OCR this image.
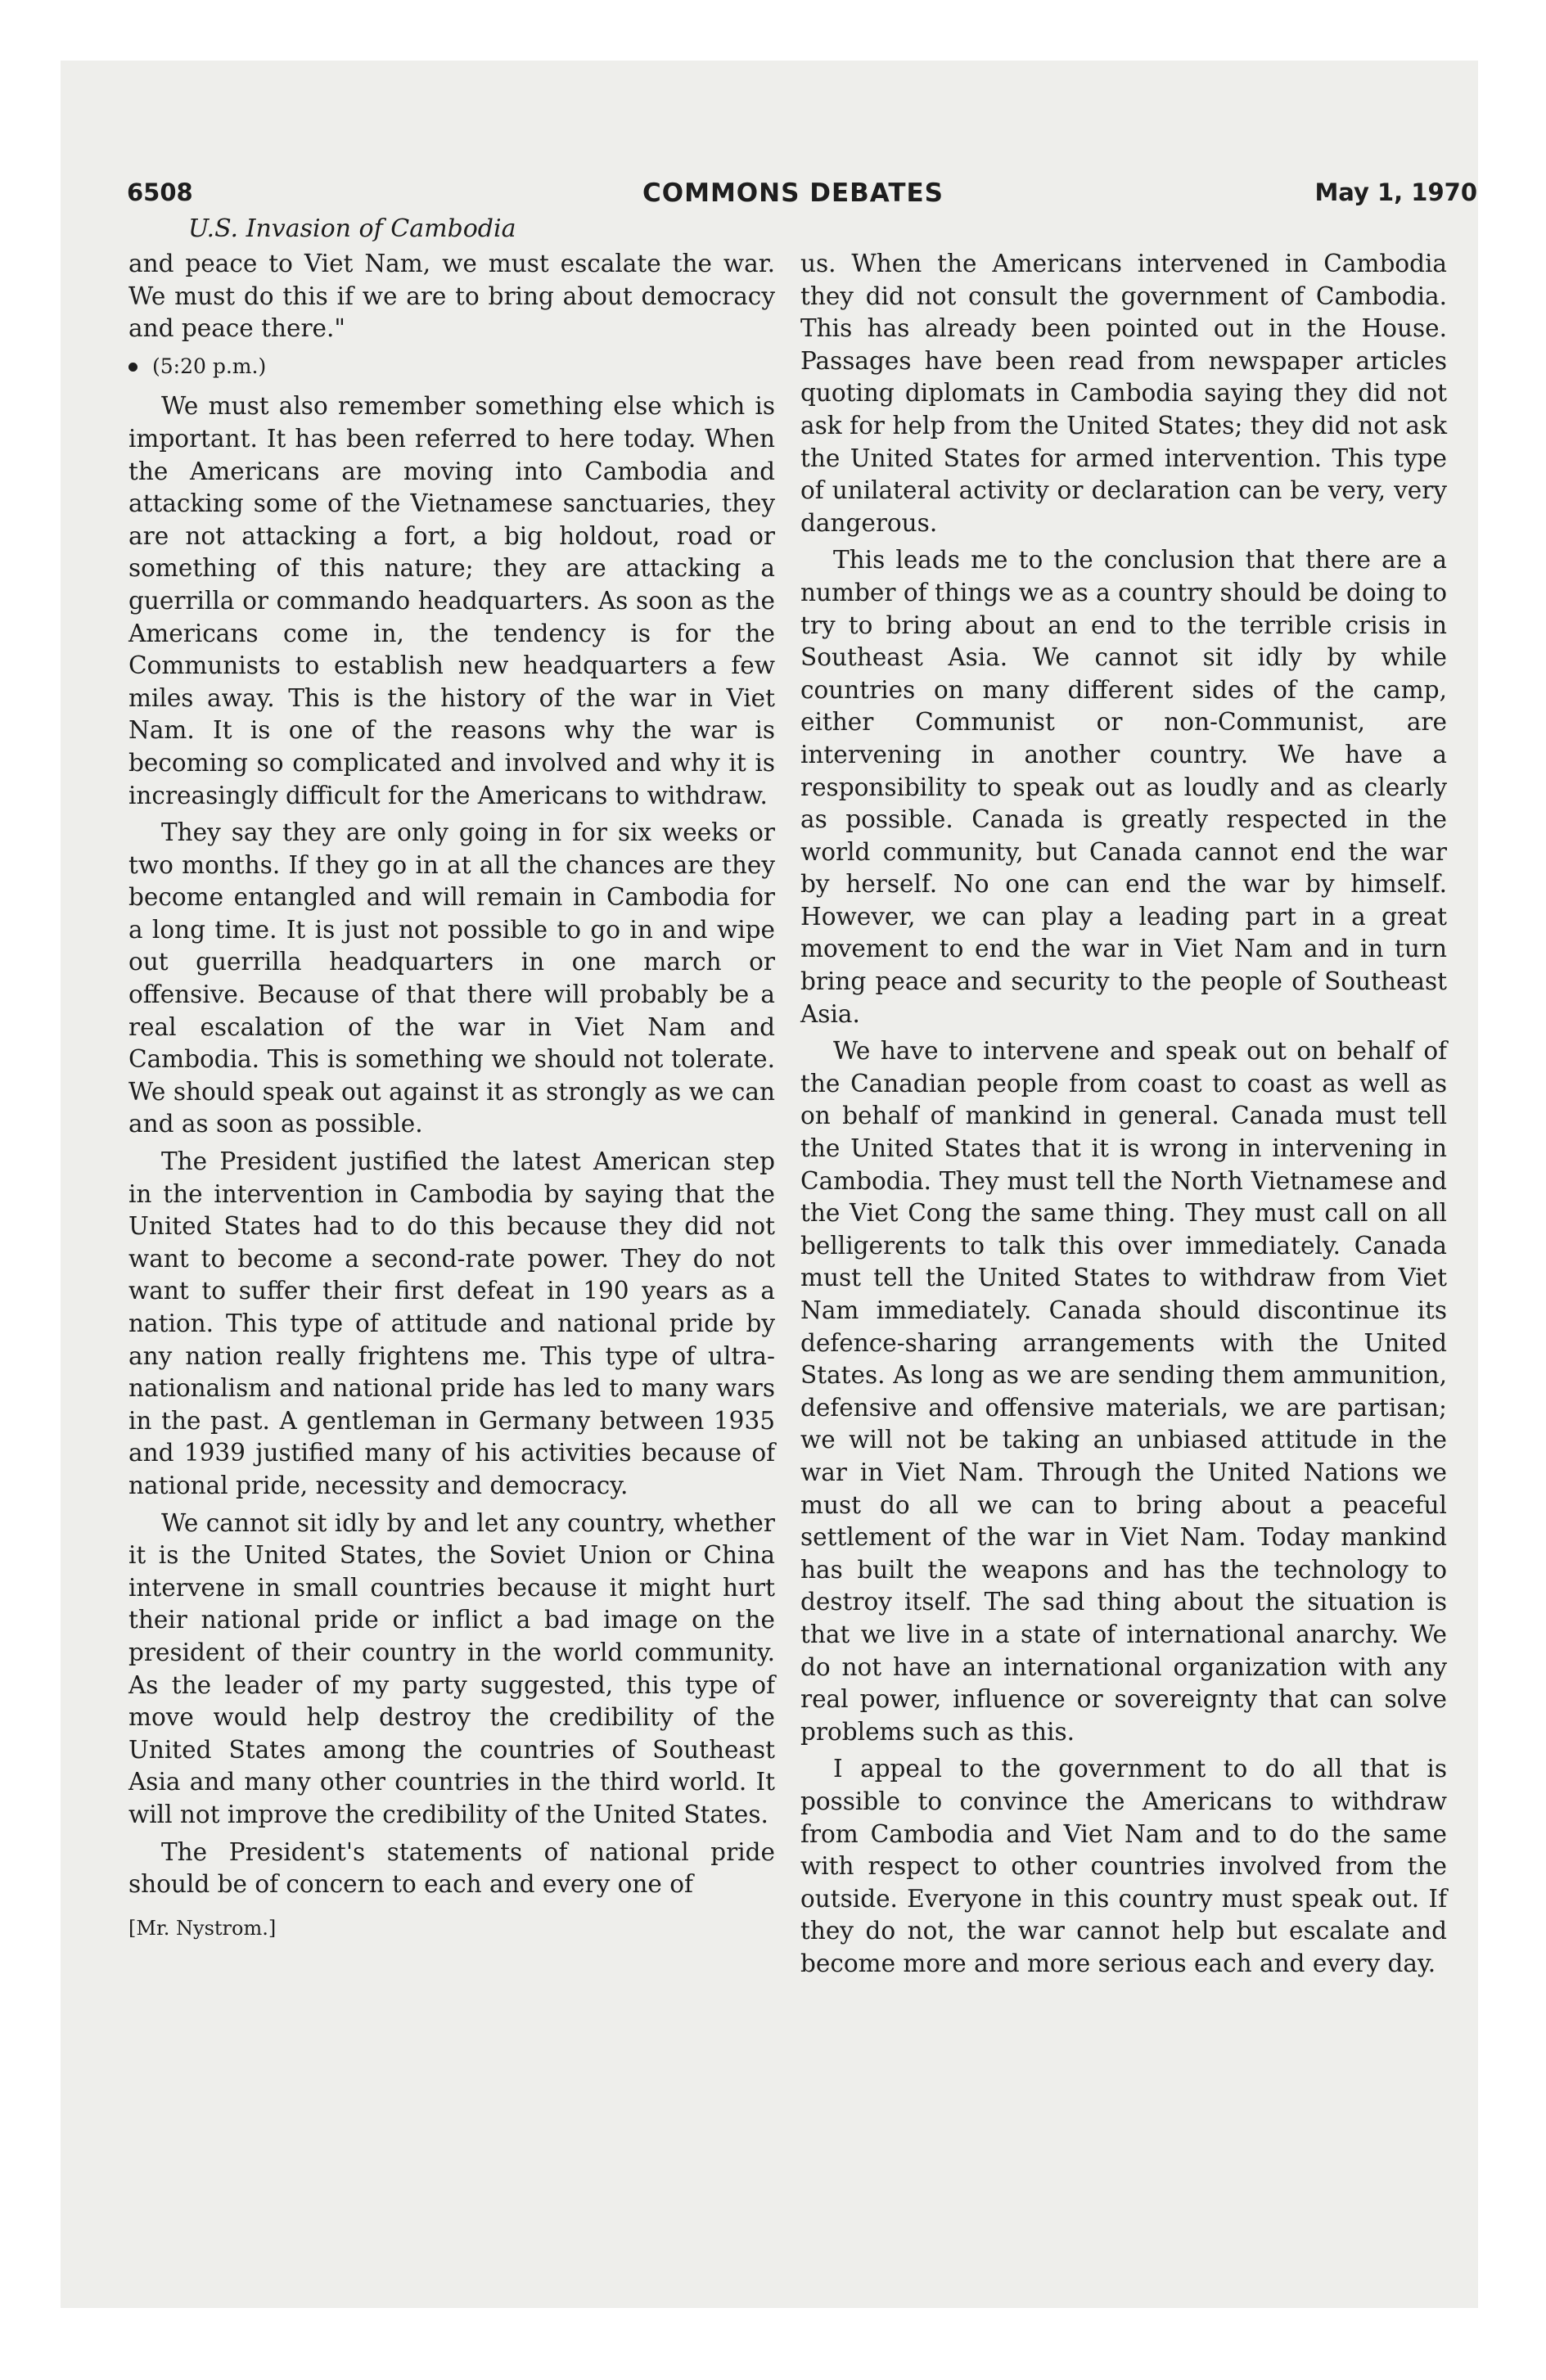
6508	COMMONS DEBATES	May 1, 1970
U.S. Invasion of Cambodia

and peace to Viet Nam, we must escalate the war. We must do this if we are to bring about democracy and peace there."

(5:20 p.m.)

We must also remember something else which is important. It has been referred to here today. When the Americans are moving into Cambodia and attacking some of the Vietnamese sanctuaries, they are not attacking a fort, a big holdout, road or something of this nature; they are attacking a guerrilla or commando headquarters. As soon as the Americans come in, the tendency is for the Communists to establish new headquarters a few miles away. This is the history of the war in Viet Nam. It is one of the reasons why the war is becoming so complicated and involved and why it is increasingly difficult for the Americans to withdraw.

They say they are only going in for six weeks or two months. If they go in at all the chances are they become entangled and will remain in Cambodia for a long time. It is just not possible to go in and wipe out guerrilla headquarters in one march or offensive. Because of that there will probably be a real escalation of the war in Viet Nam and Cambodia. This is something we should not tolerate. We should speak out against it as strongly as we can and as soon as possible.

The President justified the latest American step in the intervention in Cambodia by saying that the United States had to do this because they did not want to become a second-rate power. They do not want to suffer their first defeat in 190 years as a nation. This type of attitude and national pride by any nation really frightens me. This type of ultra-nationalism and national pride has led to many wars in the past. A gentleman in Germany between 1935 and 1939 justified many of his activities because of national pride, necessity and democracy.

We cannot sit idly by and let any country, whether it is the United States, the Soviet Union or China intervene in small countries because it might hurt their national pride or inflict a bad image on the president of their country in the world community. As the leader of my party suggested, this type of move would help destroy the credibility of the United States among the countries of Southeast Asia and many other countries in the third world. It will not improve the credibility of the United States.

The President's statements of national pride should be of concern to each and every one of

[Mr. Nystrom.]

us. When the Americans intervened in Cambodia they did not consult the government of Cambodia. This has already been pointed out in the House. Passages have been read from newspaper articles quoting diplomats in Cambodia saying they did not ask for help from the United States; they did not ask the United States for armed intervention. This type of unilateral activity or declaration can be very, very dangerous.

This leads me to the conclusion that there are a number of things we as a country should be doing to try to bring about an end to the terrible crisis in Southeast Asia. We cannot sit idly by while countries on many different sides of the camp, either Communist or non-Communist, are intervening in another country. We have a responsibility to speak out as loudly and as clearly as possible. Canada is greatly respected in the world community, but Canada cannot end the war by herself. No one can end the war by himself. However, we can play a leading part in a great movement to end the war in Viet Nam and in turn bring peace and security to the people of Southeast Asia.

We have to intervene and speak out on behalf of the Canadian people from coast to coast as well as on behalf of mankind in general. Canada must tell the United States that it is wrong in intervening in Cambodia. They must tell the North Vietnamese and the Viet Cong the same thing. They must call on all belligerents to talk this over immediately. Canada must tell the United States to withdraw from Viet Nam immediately. Canada should discontinue its defence-sharing arrangements with the United States. As long as we are sending them ammunition, defensive and offensive materials, we are partisan; we will not be taking an unbiased attitude in the war in Viet Nam. Through the United Nations we must do all we can to bring about a peaceful settlement of the war in Viet Nam. Today mankind has built the weapons and has the technology to destroy itself. The sad thing about the situation is that we live in a state of international anarchy. We do not have an international organization with any real power, influence or sovereignty that can solve problems such as this.

I appeal to the government to do all that is possible to convince the Americans to withdraw from Cambodia and Viet Nam and to do the same with respect to other countries involved from the outside. Everyone in this country must speak out. If they do not, the war cannot help but escalate and become more and more serious each and every day.
